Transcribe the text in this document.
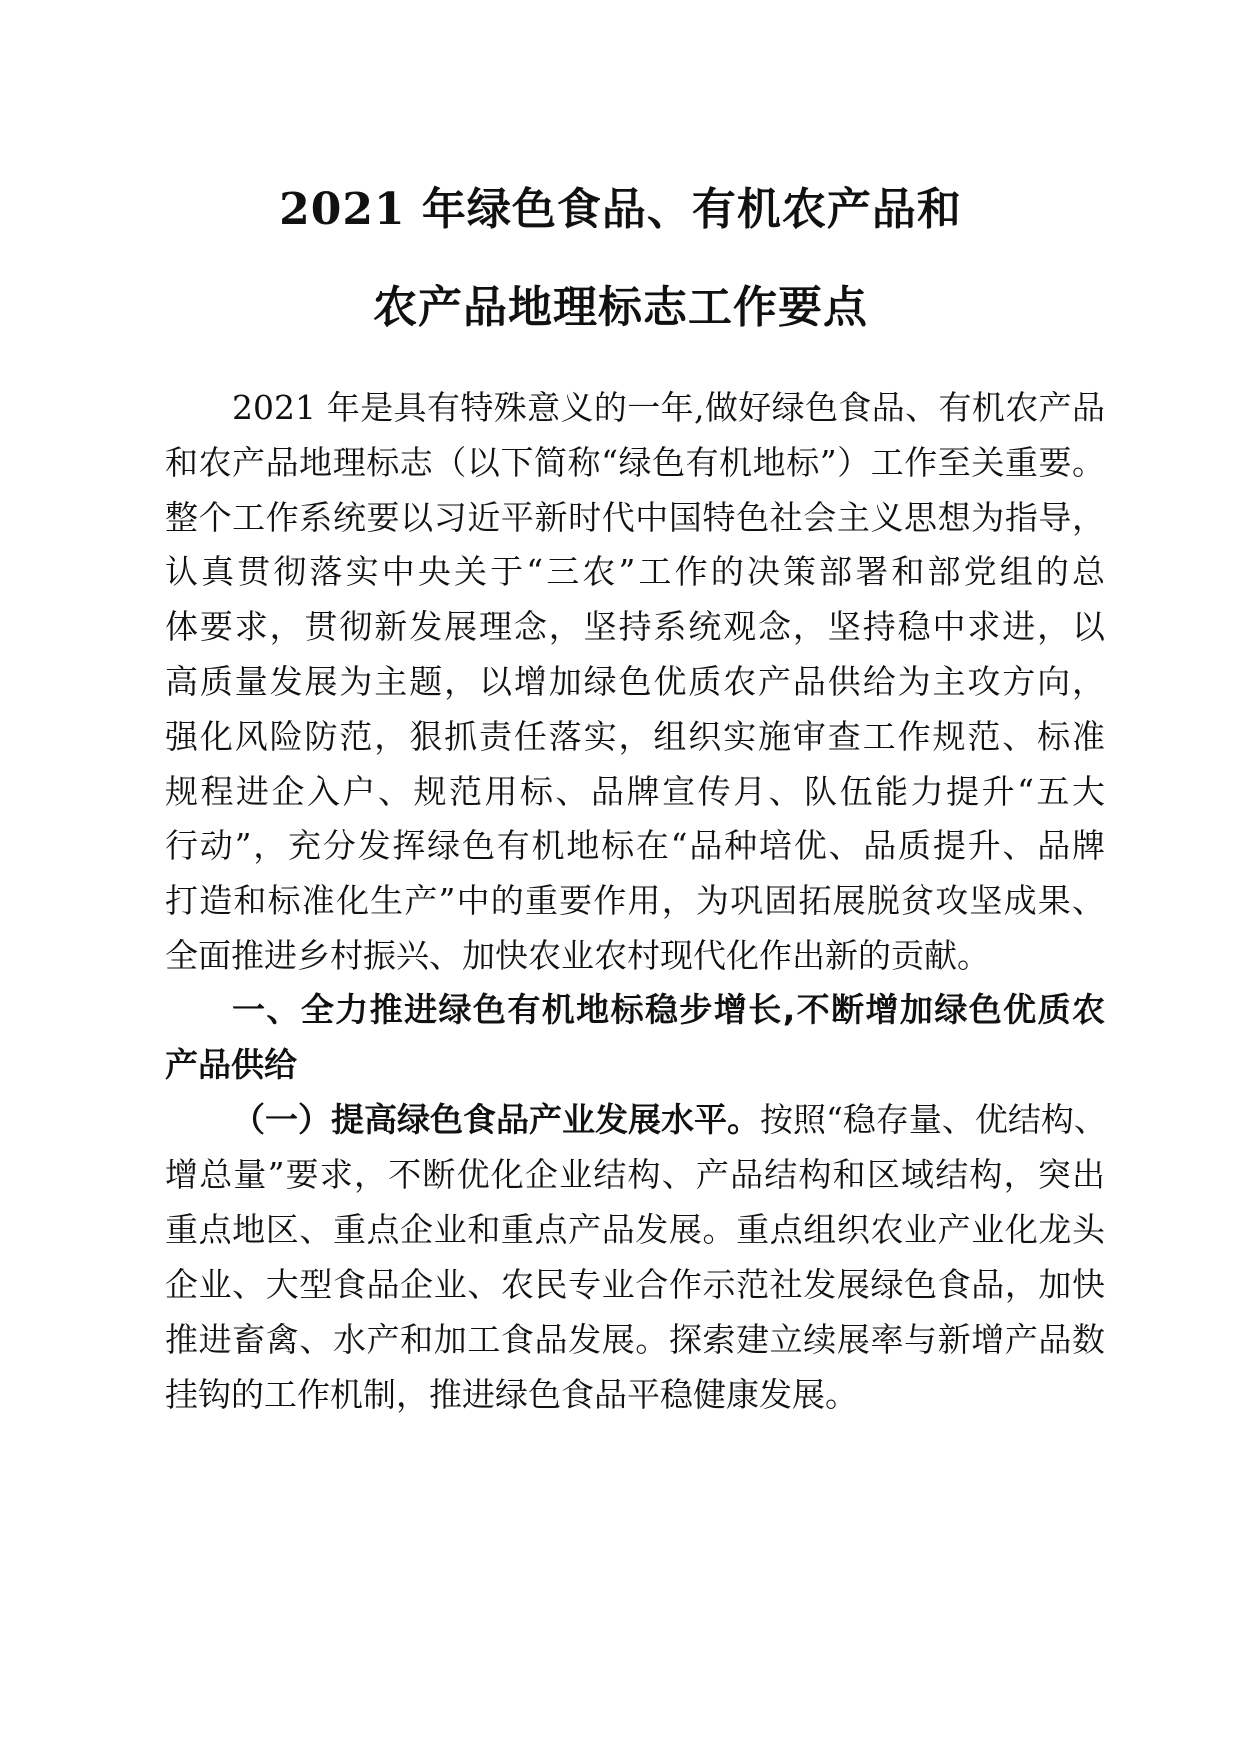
2021 年绿色食品、有机农产品和
农产品地理标志工作要点
2021 年是具有特殊意义的一年,做好绿色食品、有机农产品
和农产品地理标志（以下简称“绿色有机地标”）工作至关重要。
整个工作系统要以习近平新时代中国特色社会主义思想为指导，
认真贯彻落实中央关于“三农”工作的决策部署和部党组的总
体要求，贯彻新发展理念，坚持系统观念，坚持稳中求进，以
高质量发展为主题，以增加绿色优质农产品供给为主攻方向，
强化风险防范，狠抓责任落实，组织实施审查工作规范、标准
规程进企入户、规范用标、品牌宣传月、队伍能力提升“五大
行动”，充分发挥绿色有机地标在“品种培优、品质提升、品牌
打造和标准化生产”中的重要作用，为巩固拓展脱贫攻坚成果、
全面推进乡村振兴、加快农业农村现代化作出新的贡献。
一、全力推进绿色有机地标稳步增长,不断增加绿色优质农
产品供给
（一）提高绿色食品产业发展水平。按照“稳存量、优结构、
增总量”要求，不断优化企业结构、产品结构和区域结构，突出
重点地区、重点企业和重点产品发展。重点组织农业产业化龙头
企业、大型食品企业、农民专业合作示范社发展绿色食品，加快
推进畜禽、水产和加工食品发展。探索建立续展率与新增产品数
挂钩的工作机制，推进绿色食品平稳健康发展。
